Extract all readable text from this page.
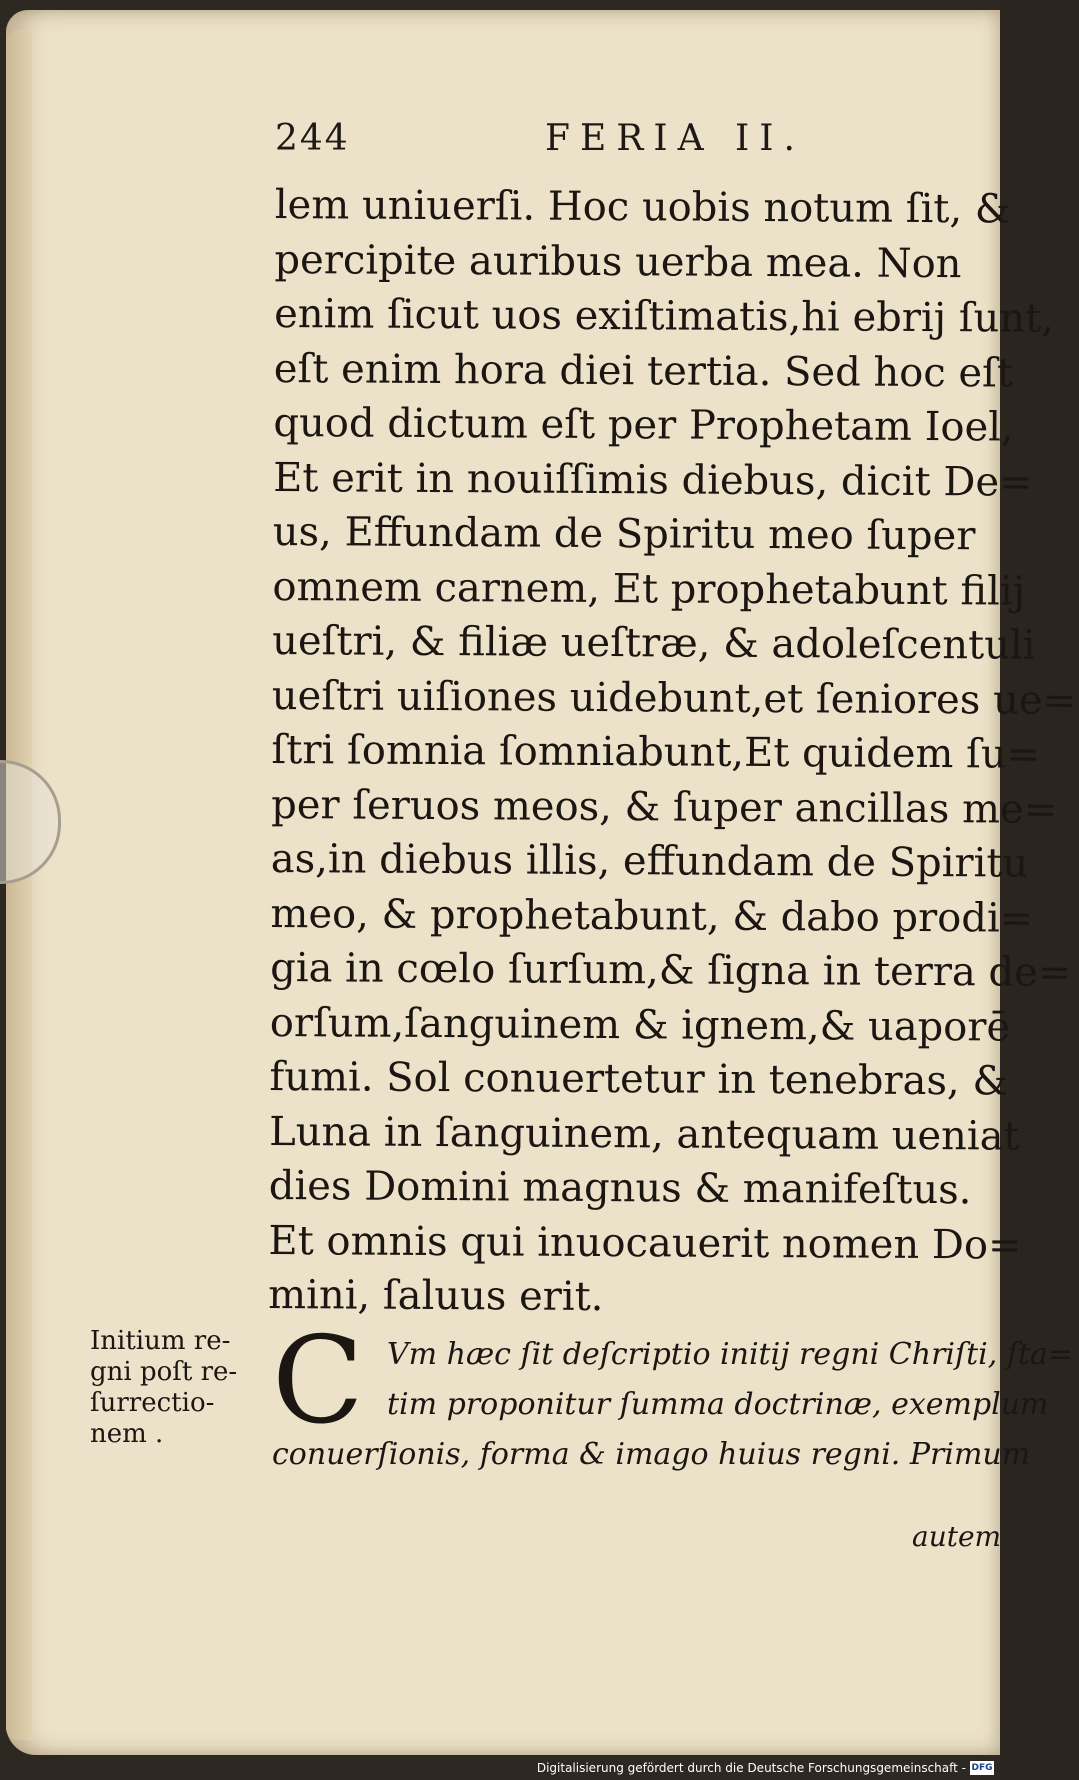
244	FERIA II.
lem uniuerſi. Hoc uobis notum ſit, &
percipite auribus uerba mea. Non
enim ſicut uos exiſtimatis,hi ebrij ſunt,
eſt enim hora diei tertia. Sed hoc eſt
quod dictum eſt per Prophetam Ioel,
Et erit in nouiſſimis diebus, dicit De=
us, Effundam de Spiritu meo ſuper
omnem carnem, Et prophetabunt filij
ueſtri, & filiæ ueſtræ, & adoleſcentuli
ueſtri uiſiones uidebunt,et ſeniores ue=
ſtri ſomnia ſomniabunt,Et quidem ſu=
per ſeruos meos, & ſuper ancillas me=
as,in diebus illis, effundam de Spiritu
meo, & prophetabunt, & dabo prodi=
gia in cœlo ſurſum,& ſigna in terra de=
orſum,ſanguinem & ignem,& uaporē
fumi. Sol conuertetur in tenebras, &
Luna in ſanguinem, antequam ueniat
dies Domini magnus & manifeſtus.
Et omnis qui inuocauerit nomen Do=
mini, ſaluus erit.
Initium re-
gni poſt re-
ſurrectio-
nem . C Vm hæc ſit deſcriptio initij regni Chriſti, ſta=
tim proponitur ſumma doctrinæ, exemplum
conuerſionis, forma & imago huius regni. Primum
autem
Digitalisierung gefördert durch die Deutsche Forschungsgemeinschaft - DFG
